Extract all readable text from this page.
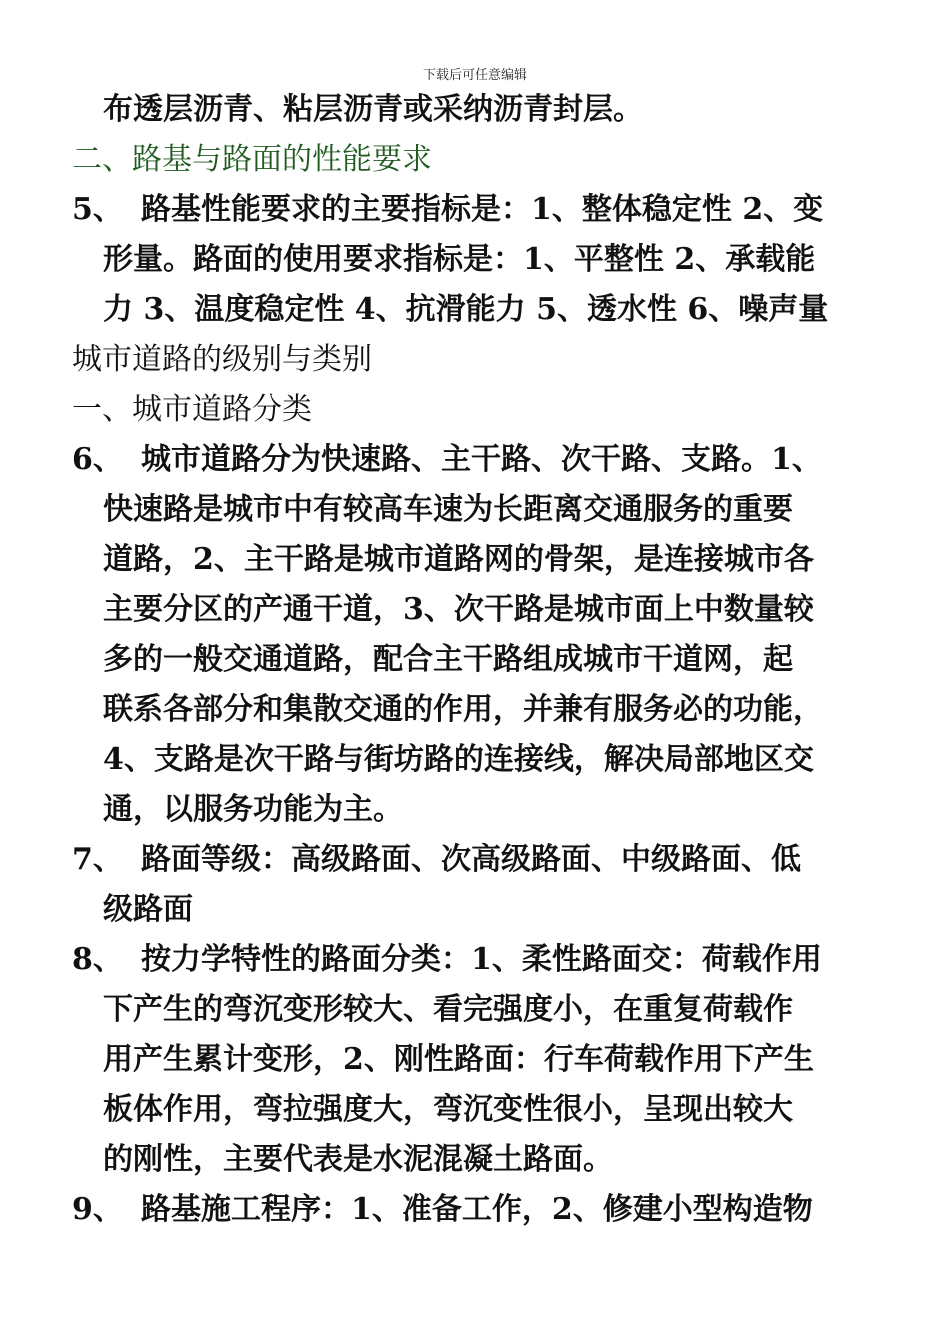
下载后可任意编辑
布透层沥青、粘层沥青或采纳沥青封层。
二、路基与路面的性能要求
5、 路基性能要求的主要指标是：1、整体稳定性 2、变
形量。路面的使用要求指标是：1、平整性 2、承载能
力 3、温度稳定性 4、抗滑能力 5、透水性 6、噪声量
城市道路的级别与类别
一、城市道路分类
6、 城市道路分为快速路、主干路、次干路、支路。1、
快速路是城市中有较高车速为长距离交通服务的重要
道路，2、主干路是城市道路网的骨架，是连接城市各
主要分区的产通干道，3、次干路是城市面上中数量较
多的一般交通道路，配合主干路组成城市干道网，起
联系各部分和集散交通的作用，并兼有服务必的功能，
4、支路是次干路与街坊路的连接线，解决局部地区交
通，以服务功能为主。
7、 路面等级：高级路面、次高级路面、中级路面、低
级路面
8、 按力学特性的路面分类：1、柔性路面交：荷载作用
下产生的弯沉变形较大、看完强度小，在重复荷载作
用产生累计变形，2、刚性路面：行车荷载作用下产生
板体作用，弯拉强度大，弯沉变性很小，呈现出较大
的刚性，主要代表是水泥混凝土路面。
9、 路基施工程序：1、准备工作，2、修建小型构造物
